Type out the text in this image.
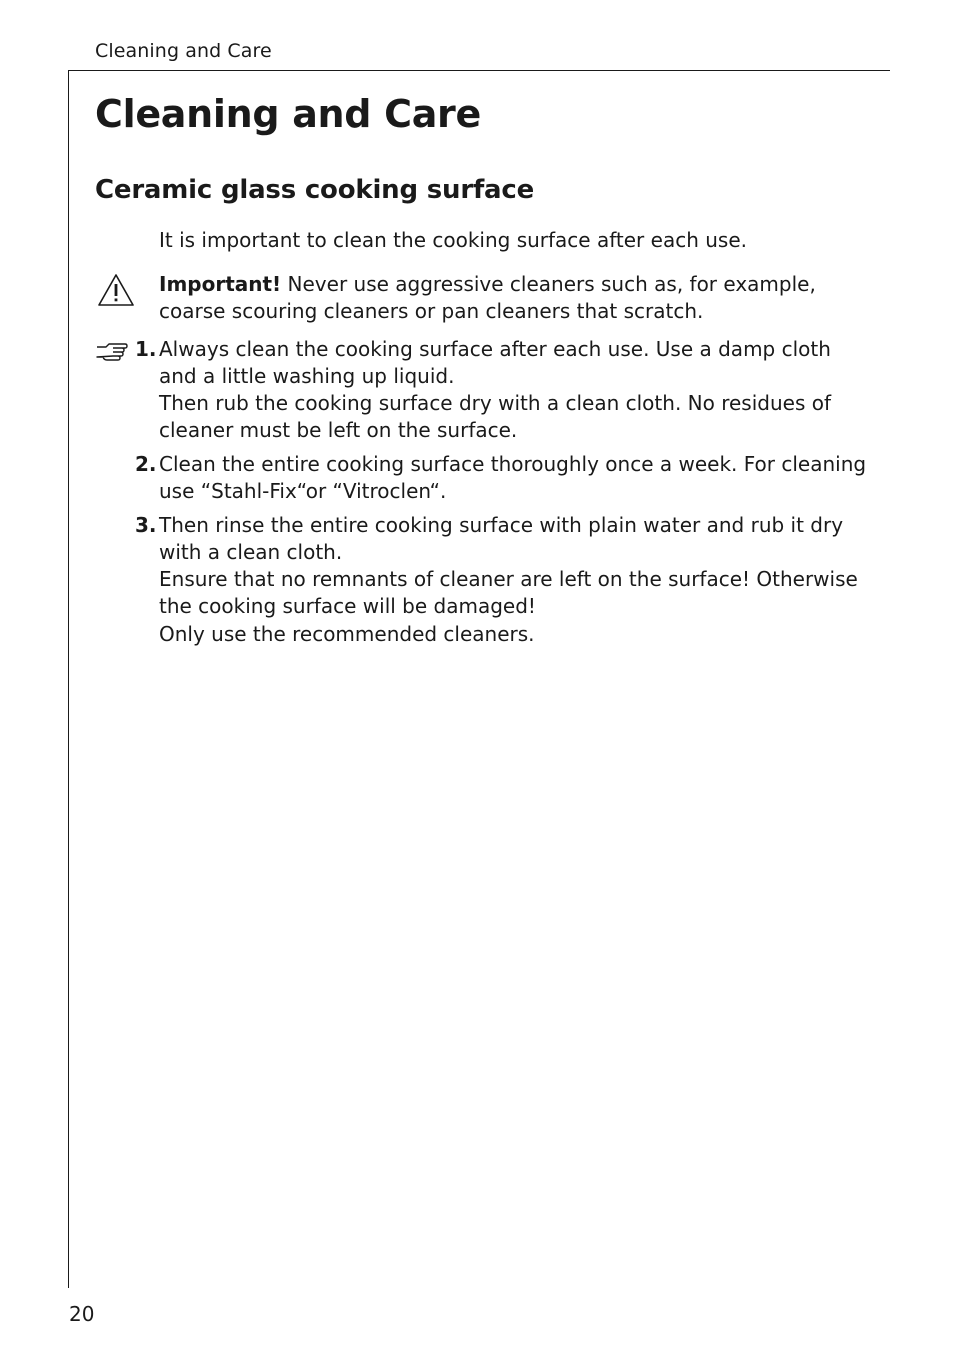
Cleaning and Care
Cleaning and Care
Ceramic glass cooking surface

It is important to clean the cooking surface after each use.

Important! Never use aggressive cleaners such as, for example, coarse scouring cleaners or pan cleaners that scratch.

1. Always clean the cooking surface after each use. Use a damp cloth and a little washing up liquid.

Then rub the cooking surface dry with a clean cloth. No residues of cleaner must be left on the surface.

2. Clean the entire cooking surface thoroughly once a week. For cleaning use “Stahl-Fix“or “Vitroclen“.

3. Then rinse the entire cooking surface with plain water and rub it dry with a clean cloth.

Ensure that no remnants of cleaner are left on the surface! Otherwise the cooking surface will be damaged!

Only use the recommended cleaners.

20
